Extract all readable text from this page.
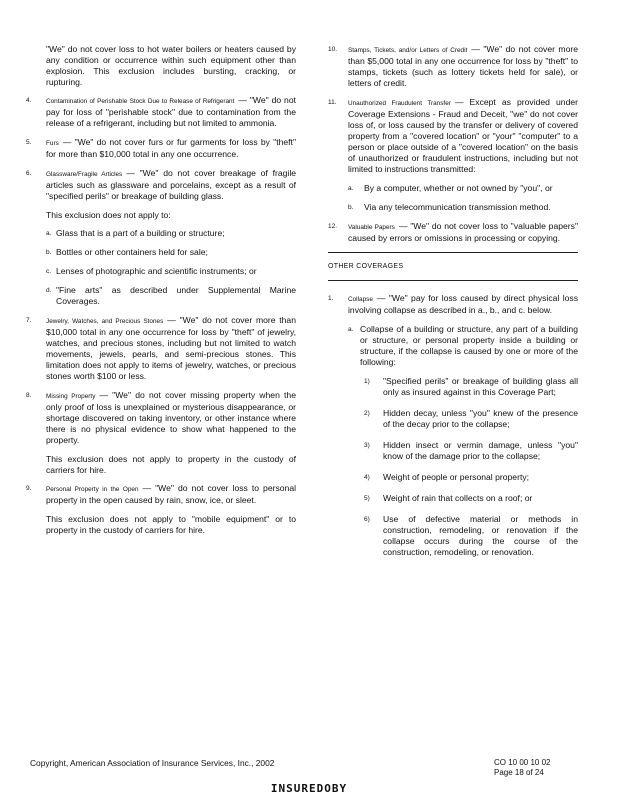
"We" do not cover loss to hot water boilers or heaters caused by any condition or occurrence within such equipment other than explosion. This exclusion includes bursting, cracking, or rupturing.

4. Contamination of Perishable Stock Due to Release of Refrigerant — "We" do not pay for loss of "perishable stock" due to contamination from the release of a refrigerant, including but not limited to ammonia.
5. Furs — "We" do not cover furs or fur garments for loss by "theft" for more than $10,000 total in any one occurrence.
6. Glassware/Fragile Articles — "We" do not cover breakage of fragile articles such as glassware and porcelains, except as a result of "specified perils" or breakage of building glass.

This exclusion does not apply to:

a. Glass that is a part of a building or structure;
b. Bottles or other containers held for sale;
c. Lenses of photographic and scientific instruments; or
d. "Fine arts" as described under Supplemental Marine Coverages.
7. Jewelry, Watches, and Precious Stones — "We" do not cover more than $10,000 total in any one occurrence for loss by "theft" of jewelry, watches, and precious stones, including but not limited to watch movements, jewels, pearls, and semi-precious stones. This limitation does not apply to items of jewelry, watches, or precious stones worth $100 or less.
8. Missing Property — "We" do not cover missing property when the only proof of loss is unexplained or mysterious disappearance, or shortage discovered on taking inventory, or other instance where there is no physical evidence to show what happened to the property.

This exclusion does not apply to property in the custody of carriers for hire.

9. Personal Property in the Open — "We" do not cover loss to personal property in the open caused by rain, snow, ice, or sleet.

This exclusion does not apply to "mobile equipment" or to property in the custody of carriers for hire.

10. Stamps, Tickets, and/or Letters of Credit — "We" do not cover more than $5,000 total in any one occurrence for loss by "theft" to stamps, tickets (such as lottery tickets held for sale), or letters of credit.
11. Unauthorized Fraudulent Transfer — Except as provided under Coverage Extensions - Fraud and Deceit, "we" do not cover loss of, or loss caused by the transfer or delivery of covered property from a "covered location" or "your" "computer" to a person or place outside of a "covered location" on the basis of unauthorized or fraudulent instructions, including but not limited to instructions transmitted:
a. By a computer, whether or not owned by "you", or
b. Via any telecommunication transmission method.
12. Valuable Papers — "We" do not cover loss to "valuable papers" caused by errors or omissions in processing or copying.
OTHER COVERAGES
1. Collapse — "We" pay for loss caused by direct physical loss involving collapse as described in a., b., and c. below.
a. Collapse of a building or structure, any part of a building or structure, or personal property inside a building or structure, if the collapse is caused by one or more of the following:
1) "Specified perils" or breakage of building glass all only as insured against in this Coverage Part;
2) Hidden decay, unless "you" knew of the presence of the decay prior to the collapse;
3) Hidden insect or vermin damage, unless "you" know of the damage prior to the collapse;
4) Weight of people or personal property;
5) Weight of rain that collects on a roof; or
6) Use of defective material or methods in construction, remodeling, or renovation if the collapse occurs during the course of the construction, remodeling, or renovation.
Copyright, American Association of Insurance Services, Inc., 2002	CO 10 00 10 02
Page 18 of 24
INSUREDOBY
